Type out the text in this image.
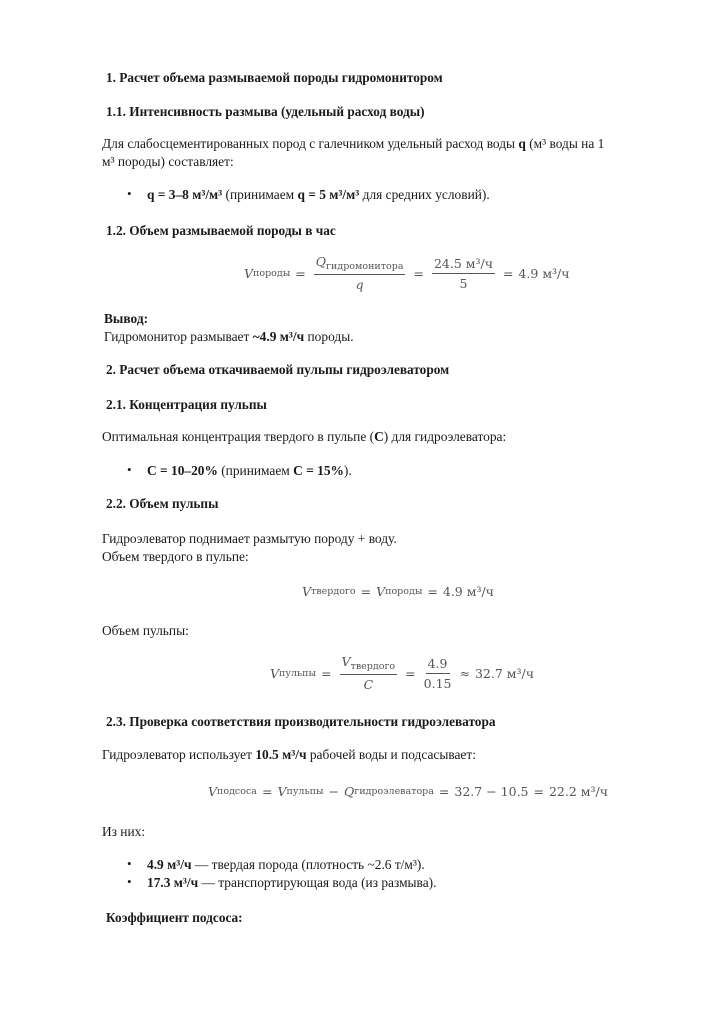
1. Расчет объема размываемой породы гидромонитором
1.1. Интенсивность размыва (удельный расход воды)
Для слабосцементированных пород с галечником удельный расход воды q (м³ воды на 1
м³ породы) составляет:
• q = 3–8 м³/м³ (принимаем q = 5 м³/м³ для средних условий).
1.2. Объем размываемой породы в час
V породы = $\frac{Q_{гидромонитора}}{q} = \frac{\text{24.5 м³/ч}}{5} = 4.9$ м³/ч
Вывод:
Гидромонитор размывает ~4.9 м³/ч породы.
2. Расчет объема откачиваемой пульпы гидроэлеватором
2.1. Концентрация пульпы
Оптимальная концентрация твердого в пульпе (C) для гидроэлеватора:
• C = 10–20% (принимаем C = 15%).
2.2. Объем пульпы
Гидроэлеватор поднимает размытую породу + воду.
Объем твердого в пульпе:
V твердого = V породы = 4.9 м³/ч
Объем пульпы:
V пульпы = $\frac{V_{твердого}}{C} = \frac{4.9}{0.15} \approx 32.7$ м³/ч
2.3. Проверка соответствия производительности гидроэлеватора
Гидроэлеватор использует 10.5 м³/ч рабочей воды и подсасывает:
V подсоса = V пульпы − Q гидроэлеватора = 32.7 − 10.5 = 22.2 м³/ч
Из них:
• 4.9 м³/ч — твердая порода (плотность ~2.6 т/м³).
• 17.3 м³/ч — транспортирующая вода (из размыва).
Коэффициент подсоса:
